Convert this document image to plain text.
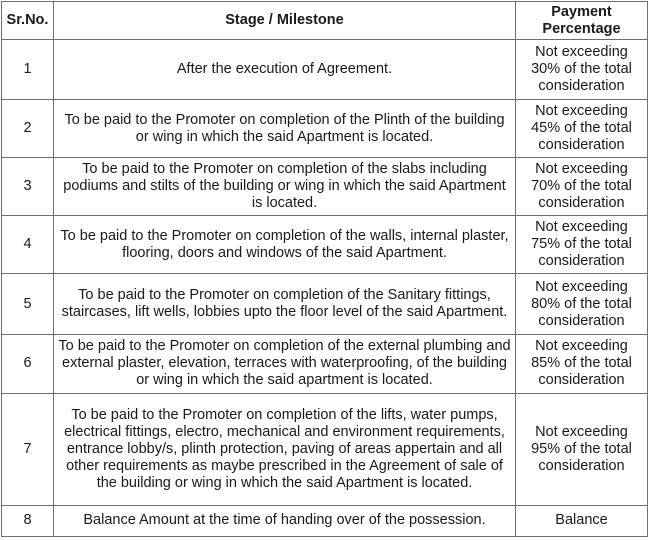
Sr.No.	Stage / Milestone	Payment Percentage
1	After the execution of Agreement.	Not exceeding 30% of the total consideration
2	To be paid to the Promoter on completion of the Plinth of the building or wing in which the said Apartment is located.	Not exceeding 45% of the total consideration
3	To be paid to the Promoter on completion of the slabs including podiums and stilts of the building or wing in which the said Apartment is located.	Not exceeding 70% of the total consideration
4	To be paid to the Promoter on completion of the walls, internal plaster, flooring, doors and windows of the said Apartment.	Not exceeding 75% of the total consideration
5	To be paid to the Promoter on completion of the Sanitary fittings, staircases, lift wells, lobbies upto the floor level of the said Apartment.	Not exceeding 80% of the total consideration
6	To be paid to the Promoter on completion of the external plumbing and external plaster, elevation, terraces with waterproofing, of the building or wing in which the said apartment is located.	Not exceeding 85% of the total consideration
7	To be paid to the Promoter on completion of the lifts, water pumps, electrical fittings, electro, mechanical and environment requirements, entrance lobby/s, plinth protection, paving of areas appertain and all other requirements as maybe prescribed in the Agreement of sale of the building or wing in which the said Apartment is located.	Not exceeding 95% of the total consideration
8	Balance Amount at the time of handing over of the possession.	Balance
